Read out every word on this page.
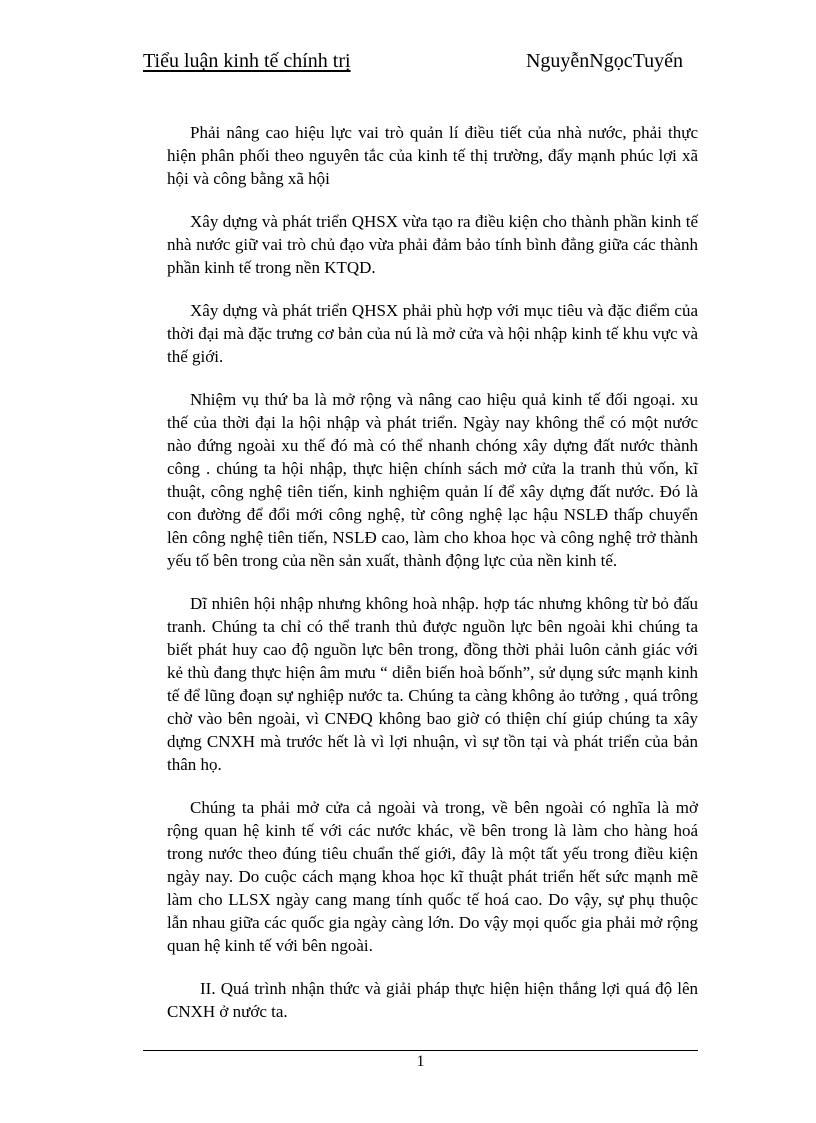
Tiểu luận kinh tế chính trị	NguyễnNgọcTuyến

Phải nâng cao hiệu lực vai trò quản lí điều tiết của nhà nước, phải thực hiện phân phối theo nguyên tắc của kinh tế thị trường, đẩy mạnh phúc lợi xã hội và công bằng xã hội

Xây dựng và phát triển QHSX vừa tạo ra điều kiện cho thành phần kinh tế nhà nước giữ vai trò chủ đạo vừa phải đảm bảo tính bình đẳng giữa các thành phần kinh tế trong nền KTQD.

Xây dựng và phát triển QHSX phải phù hợp với mục tiêu và đặc điểm của thời đại mà đặc trưng cơ bản của nú là mở cửa và hội nhập kinh tế khu vực và thế giới.

Nhiệm vụ thứ ba là mở rộng và nâng cao hiệu quả kinh tế đối ngoại. xu thế của thời đại la hội nhập và phát triển. Ngày nay không thể có một nước nào đứng ngoài xu thế đó mà có thể nhanh chóng xây dựng đất nước thành công . chúng ta hội nhập, thực hiện chính sách mở cửa la tranh thủ vốn, kĩ thuật, công nghệ tiên tiến, kinh nghiệm quản lí để xây dựng đất nước. Đó là con đường để đổi mới công nghệ, từ công nghệ lạc hậu NSLĐ thấp chuyển lên công nghệ tiên tiến, NSLĐ cao, làm cho khoa học và công nghệ trở thành yếu tố bên trong của nền sản xuất, thành động lực của nền kinh tế.

Dĩ nhiên hội nhập nhưng không hoà nhập. hợp tác nhưng không từ bỏ đấu tranh. Chúng ta chỉ có thể tranh thủ được nguồn lực bên ngoài khi chúng ta biết phát huy cao độ nguồn lực bên trong, đồng thời phải luôn cảnh giác với kẻ thù đang thực hiện âm mưu “ diễn biến hoà bốnh”, sử dụng sức mạnh kinh tế để lũng đoạn sự nghiệp nước ta. Chúng ta càng không ảo tưởng , quá trông chờ vào bên ngoài, vì CNĐQ không bao giờ có thiện chí giúp chúng ta xây dựng CNXH mà trước hết là vì lợi nhuận, vì sự tồn tại và phát triển của bản thân họ.

Chúng ta phải mở cửa cả ngoài và trong, về bên ngoài có nghĩa là mở rộng quan hệ kinh tế với các nước khác, về bên trong là làm cho hàng hoá trong nước theo đúng tiêu chuẩn thế giới, đây là một tất yếu trong điều kiện ngày nay. Do cuộc cách mạng khoa học kĩ thuật phát triển hết sức mạnh mẽ làm cho LLSX ngày cang mang tính quốc tế hoá cao. Do vậy, sự phụ thuộc lẫn nhau giữa các quốc gia ngày càng lớn. Do vậy mọi quốc gia phải mở rộng quan hệ kinh tế với bên ngoài.

II. Quá trình nhận thức và giải pháp thực hiện hiện thắng lợi quá độ lên CNXH ở nước ta.

1
